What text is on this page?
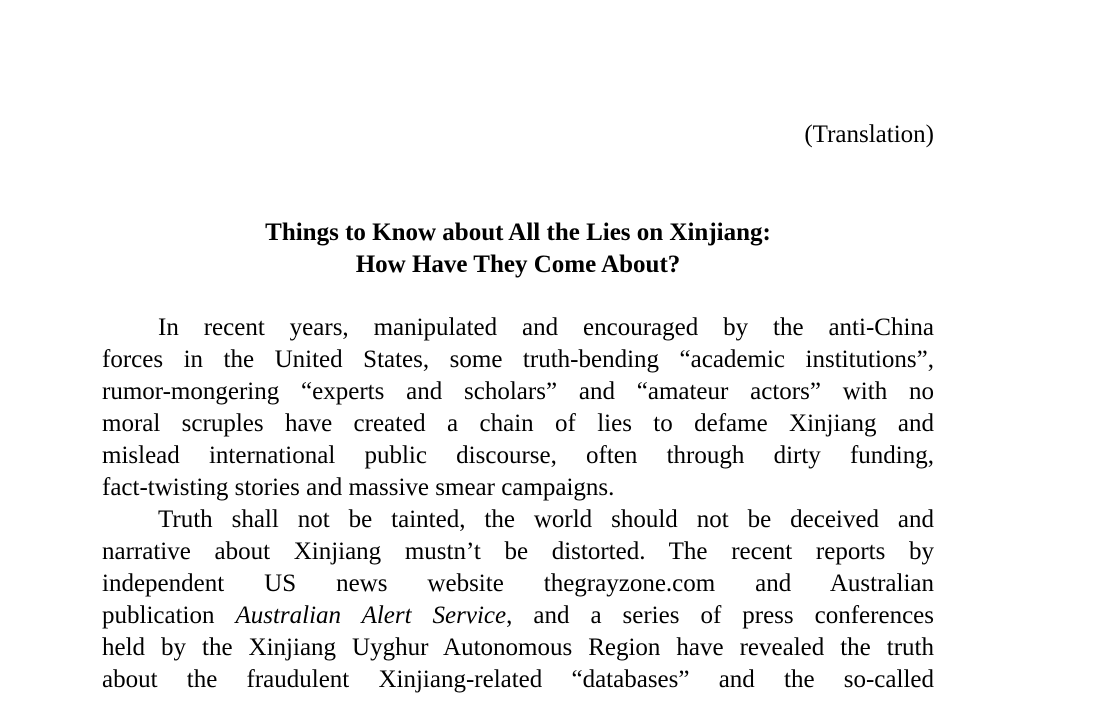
(Translation)
Things to Know about All the Lies on Xinjiang:
How Have They Come About?
In recent years, manipulated and encouraged by the anti-China
forces in the United States, some truth-bending “academic institutions”,
rumor-mongering “experts and scholars” and “amateur actors” with no
moral scruples have created a chain of lies to defame Xinjiang and
mislead international public discourse, often through dirty funding,
fact-twisting stories and massive smear campaigns.
Truth shall not be tainted, the world should not be deceived and
narrative about Xinjiang mustn’t be distorted. The recent reports by
independent US news website thegrayzone.com and Australian
publication Australian Alert Service, and a series of press conferences
held by the Xinjiang Uyghur Autonomous Region have revealed the truth
about the fraudulent Xinjiang-related “databases” and the so-called
